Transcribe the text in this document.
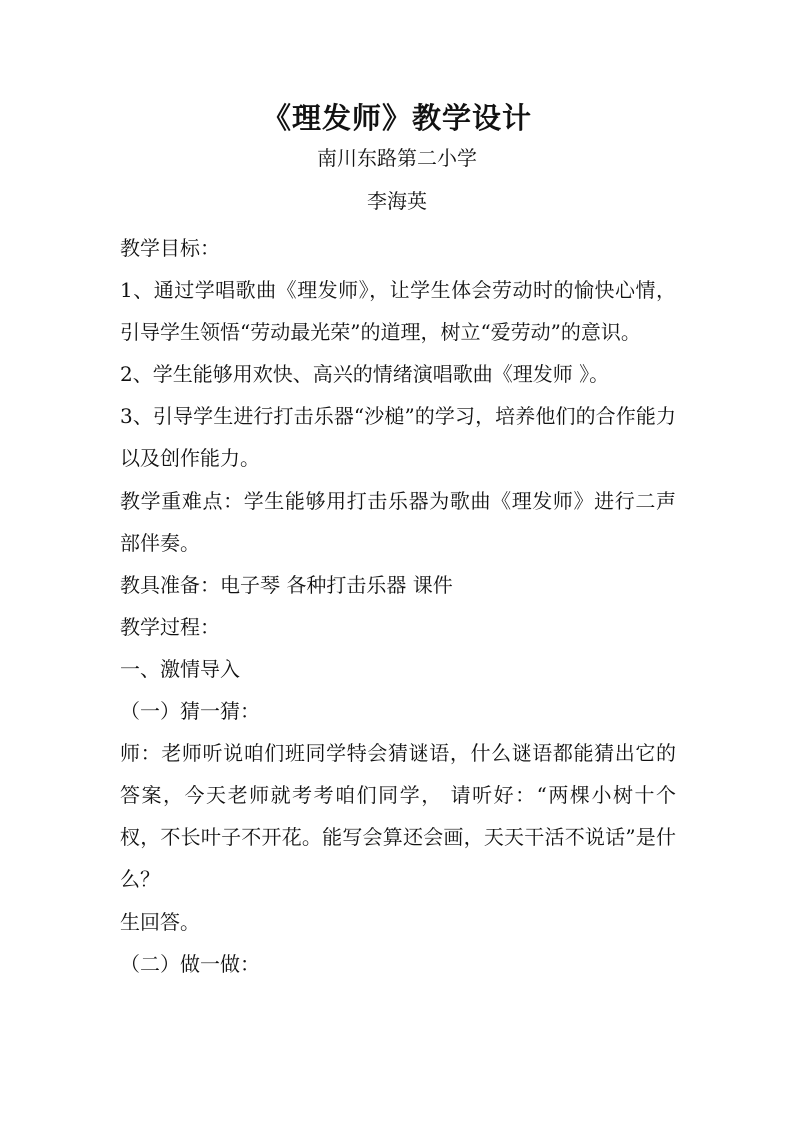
《理发师》教学设计
南川东路第二小学
李海英

教学目标：

1、通过学唱歌曲《理发师》，让学生体会劳动时的愉快心情，引导学生领悟“劳动最光荣”的道理，树立“爱劳动”的意识。

2、学生能够用欢快、高兴的情绪演唱歌曲《理发师 》。

3、引导学生进行打击乐器“沙槌”的学习，培养他们的合作能力以及创作能力。

教学重难点：学生能够用打击乐器为歌曲《理发师》进行二声部伴奏。

教具准备：电子琴 各种打击乐器 课件

教学过程：

一、激情导入

（一）猜一猜：

师：老师听说咱们班同学特会猜谜语，什么谜语都能猜出它的答案，今天老师就考考咱们同学， 请听好：“两棵小树十个杈，不长叶子不开花。能写会算还会画，天天干活不说话”是什么？

生回答。

（二）做一做：
